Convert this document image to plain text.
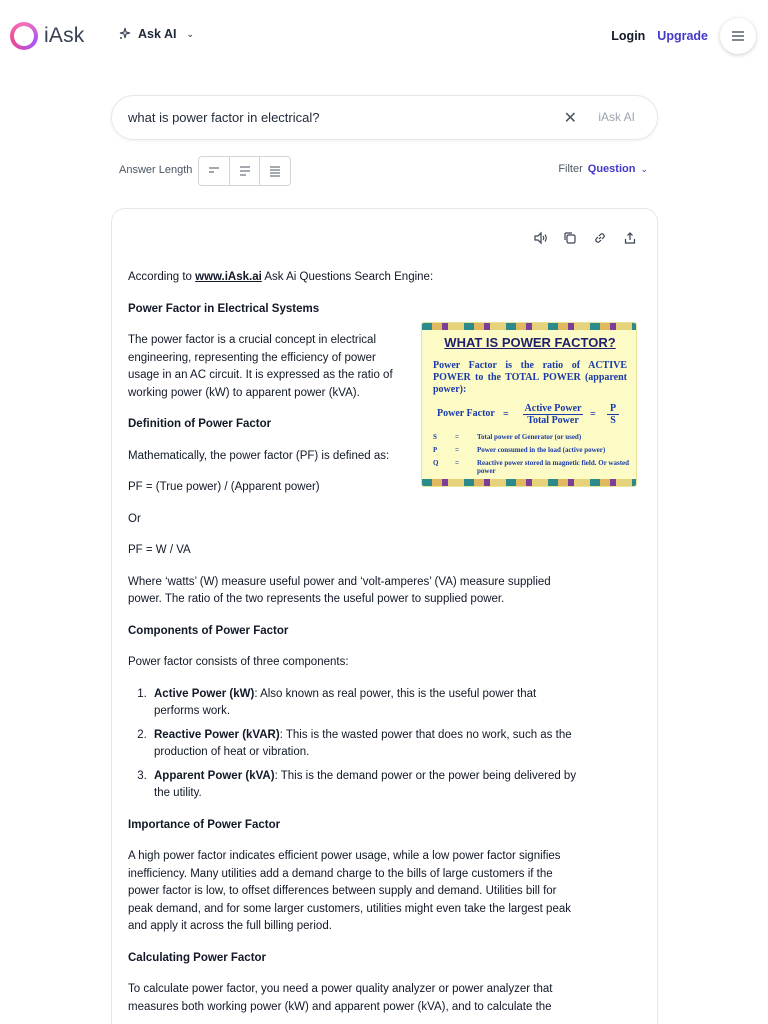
iAsk	Ask AI ⌄	Login Upgrade
what is power factor in electrical?	✕ iAsk AI
Answer Length	Filter Question ⌄

According to www.iAsk.ai Ask Ai Questions Search Engine:

Power Factor in Electrical Systems

The power factor is a crucial concept in electrical engineering, representing the efficiency of power usage in an AC circuit. It is expressed as the ratio of working power (kW) to apparent power (kVA).

Definition of Power Factor

Mathematically, the power factor (PF) is defined as:

PF = (True power) / (Apparent power)

Or

PF = W / VA

Where ‘watts’ (W) measure useful power and ‘volt-amperes’ (VA) measure supplied power. The ratio of the two represents the useful power to supplied power.

Components of Power Factor

Power factor consists of three components:

1. Active Power (kW): Also known as real power, this is the useful power that performs work.
2. Reactive Power (kVAR): This is the wasted power that does no work, such as the production of heat or vibration.
3. Apparent Power (kVA): This is the demand power or the power being delivered by the utility.

Importance of Power Factor

A high power factor indicates efficient power usage, while a low power factor signifies inefficiency. Many utilities add a demand charge to the bills of large customers if the power factor is low, to offset differences between supply and demand. Utilities bill for peak demand, and for some larger customers, utilities might even take the largest peak and apply it across the full billing period.

Calculating Power Factor

To calculate power factor, you need a power quality analyzer or power analyzer that measures both working power (kW) and apparent power (kVA), and to calculate the

WHAT IS POWER FACTOR?
Power Factor is the ratio of ACTIVE POWER to the TOTAL POWER (apparent power):
Power Factor =
Active Power
Total Power
= $\frac{P}{S}$
S	=	Total power of Generator (or used)
P	=	Power consumed in the load (active power)
Q	=	Reactive power stored in magnetic field. Or wasted power
